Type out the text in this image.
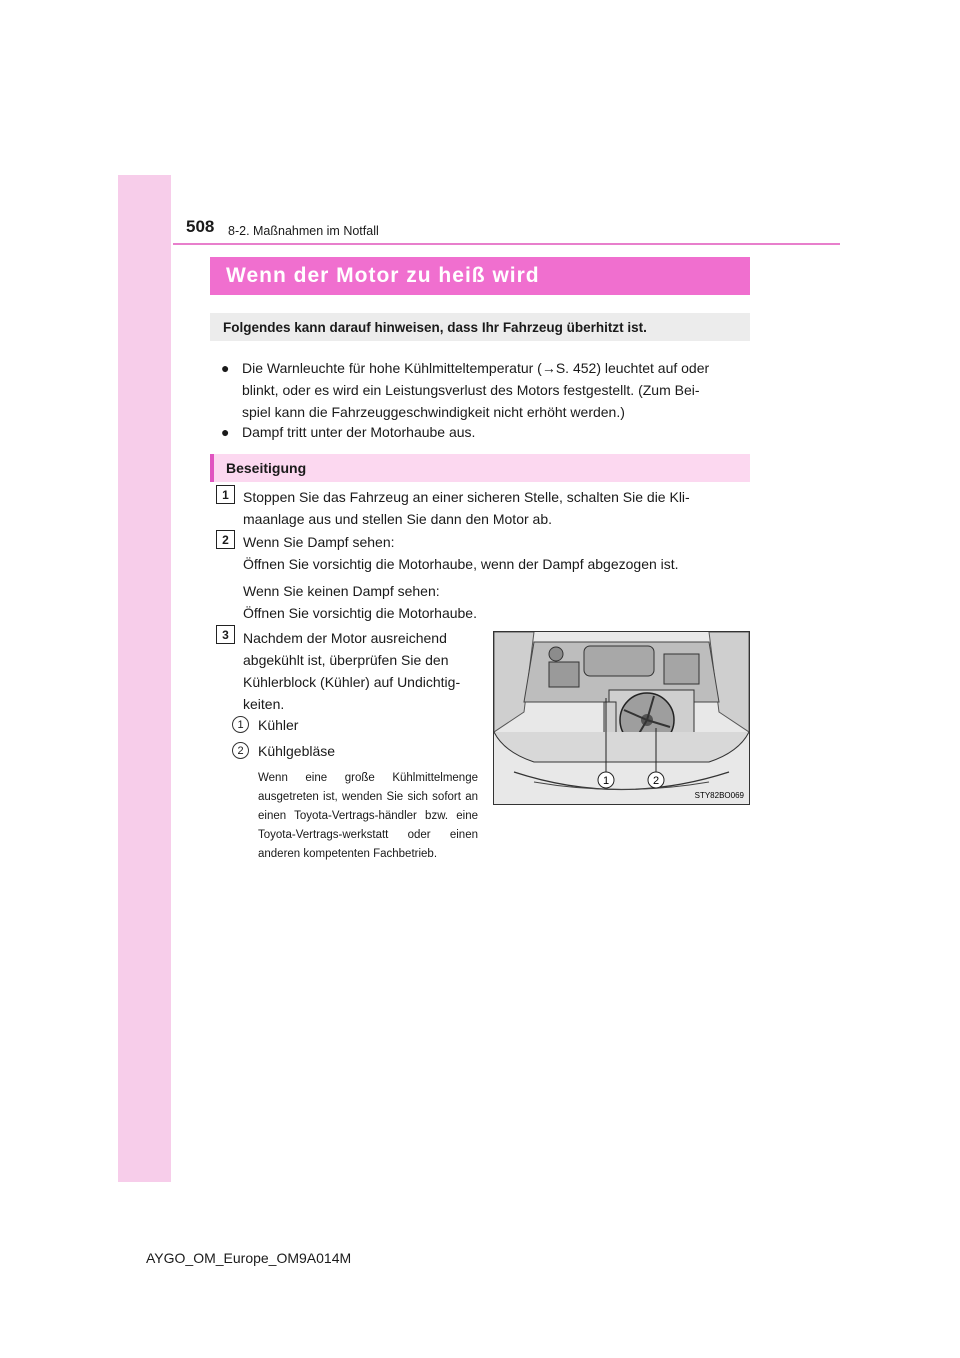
508 8-2. Maßnahmen im Notfall
Wenn der Motor zu heiß wird
Folgendes kann darauf hinweisen, dass Ihr Fahrzeug überhitzt ist.
● Die Warnleuchte für hohe Kühlmitteltemperatur (→S. 452) leuchtet auf oder
blinkt, oder es wird ein Leistungsverlust des Motors festgestellt. (Zum Bei-
spiel kann die Fahrzeuggeschwindigkeit nicht erhöht werden.)
● Dampf tritt unter der Motorhaube aus.
Beseitigung
1	Stoppen Sie das Fahrzeug an einer sicheren Stelle, schalten Sie die Kli-
maanlage aus und stellen Sie dann den Motor ab.
2	Wenn Sie Dampf sehen:
Öffnen Sie vorsichtig die Motorhaube, wenn der Dampf abgezogen ist.
Wenn Sie keinen Dampf sehen:
Öffnen Sie vorsichtig die Motorhaube.
3	Nachdem der Motor ausreichend
abgekühlt ist, überprüfen Sie den
Kühlerblock (Kühler) auf Undichtig-
keiten.
1	Kühler
2	Kühlgebläse
Wenn eine große Kühlmittelmenge ausgetreten ist, wenden Sie sich sofort an einen Toyota-Vertrags-händler bzw. eine Toyota-Vertrags-werkstatt oder einen anderen kompetenten Fachbetrieb.
1	2
STY82BO069
AYGO_OM_Europe_OM9A014M
